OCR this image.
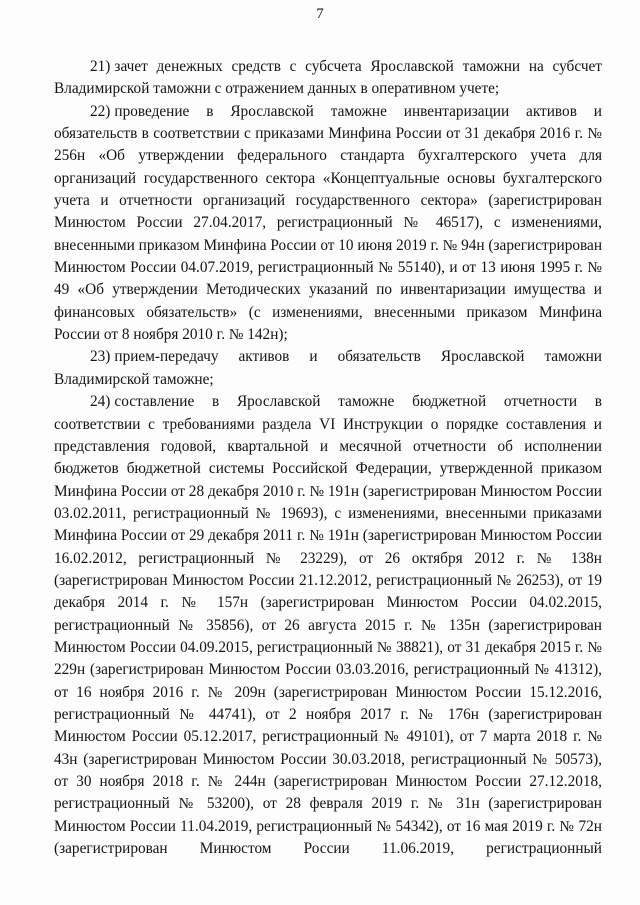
7

21) зачет денежных средств с субсчета Ярославской таможни на субсчет Владимирской таможни с отражением данных в оперативном учете;

22) проведение в Ярославской таможне инвентаризации активов и обязательств в соответствии с приказами Минфина России от 31 декабря 2016 г. № 256н «Об утверждении федерального стандарта бухгалтерского учета для организаций государственного сектора «Концептуальные основы бухгалтерского учета и отчетности организаций государственного сектора» (зарегистрирован Минюстом России 27.04.2017, регистрационный № 46517), с изменениями, внесенными приказом Минфина России от 10 июня 2019 г. № 94н (зарегистрирован Минюстом России 04.07.2019, регистрационный № 55140), и от 13 июня 1995 г. № 49 «Об утверждении Методических указаний по инвентаризации имущества и финансовых обязательств» (с изменениями, внесенными приказом Минфина России от 8 ноября 2010 г. № 142н);

23) прием-передачу активов и обязательств Ярославской таможни Владимирской таможне;

24) составление в Ярославской таможне бюджетной отчетности в соответствии с требованиями раздела VI Инструкции о порядке составления и представления годовой, квартальной и месячной отчетности об исполнении бюджетов бюджетной системы Российской Федерации, утвержденной приказом Минфина России от 28 декабря 2010 г. № 191н (зарегистрирован Минюстом России 03.02.2011, регистрационный № 19693), с изменениями, внесенными приказами Минфина России от 29 декабря 2011 г. № 191н (зарегистрирован Минюстом России 16.02.2012, регистрационный № 23229), от 26 октября 2012 г. № 138н (зарегистрирован Минюстом России 21.12.2012, регистрационный № 26253), от 19 декабря 2014 г. № 157н (зарегистрирован Минюстом России 04.02.2015, регистрационный № 35856), от 26 августа 2015 г. № 135н (зарегистрирован Минюстом России 04.09.2015, регистрационный № 38821), от 31 декабря 2015 г. № 229н (зарегистрирован Минюстом России 03.03.2016, регистрационный № 41312), от 16 ноября 2016 г. № 209н (зарегистрирован Минюстом России 15.12.2016, регистрационный № 44741), от 2 ноября 2017 г. № 176н (зарегистрирован Минюстом России 05.12.2017, регистрационный № 49101), от 7 марта 2018 г. № 43н (зарегистрирован Минюстом России 30.03.2018, регистрационный № 50573), от 30 ноября 2018 г. № 244н (зарегистрирован Минюстом России 27.12.2018, регистрационный № 53200), от 28 февраля 2019 г. № 31н (зарегистрирован Минюстом России 11.04.2019, регистрационный № 54342), от 16 мая 2019 г. № 72н (зарегистрирован Минюстом России 11.06.2019, регистрационный
